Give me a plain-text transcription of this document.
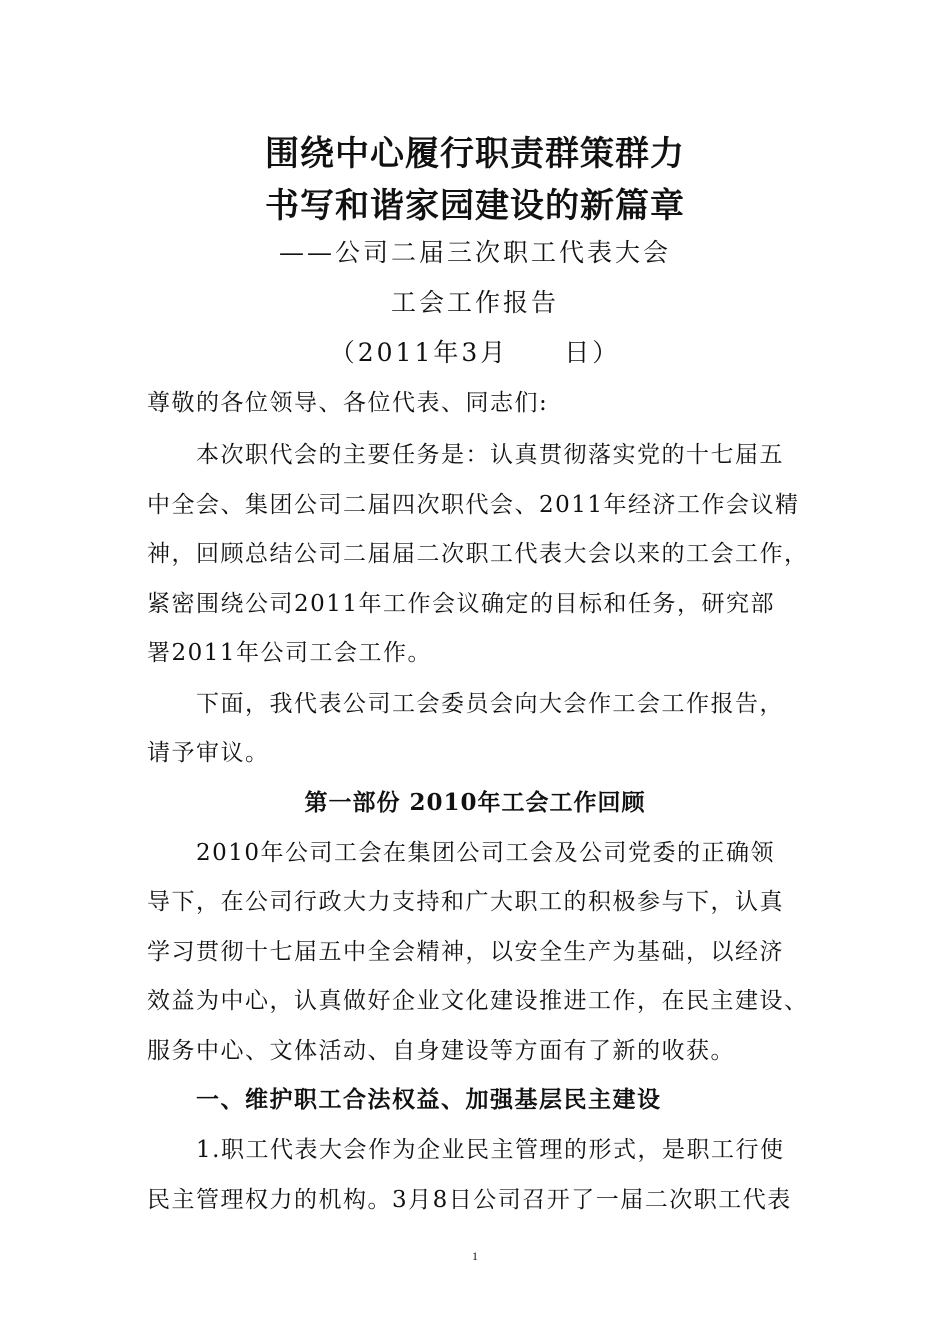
围绕中心履行职责群策群力
书写和谐家园建设的新篇章
——公司二届三次职工代表大会
工会工作报告
（2011年3月　　日）
尊敬的各位领导、各位代表、同志们:
本次职代会的主要任务是：认真贯彻落实党的十七届五
中全会、集团公司二届四次职代会、2011年经济工作会议精
神，回顾总结公司二届届二次职工代表大会以来的工会工作，
紧密围绕公司2011年工作会议确定的目标和任务，研究部
署2011年公司工会工作。
下面，我代表公司工会委员会向大会作工会工作报告，
请予审议。
第一部份 2010年工会工作回顾
2010年公司工会在集团公司工会及公司党委的正确领
导下，在公司行政大力支持和广大职工的积极参与下，认真
学习贯彻十七届五中全会精神，以安全生产为基础，以经济
效益为中心，认真做好企业文化建设推进工作，在民主建设、
服务中心、文体活动、自身建设等方面有了新的收获。
一、维护职工合法权益、加强基层民主建设
1.职工代表大会作为企业民主管理的形式，是职工行使
民主管理权力的机构。3月8日公司召开了一届二次职工代表
1
